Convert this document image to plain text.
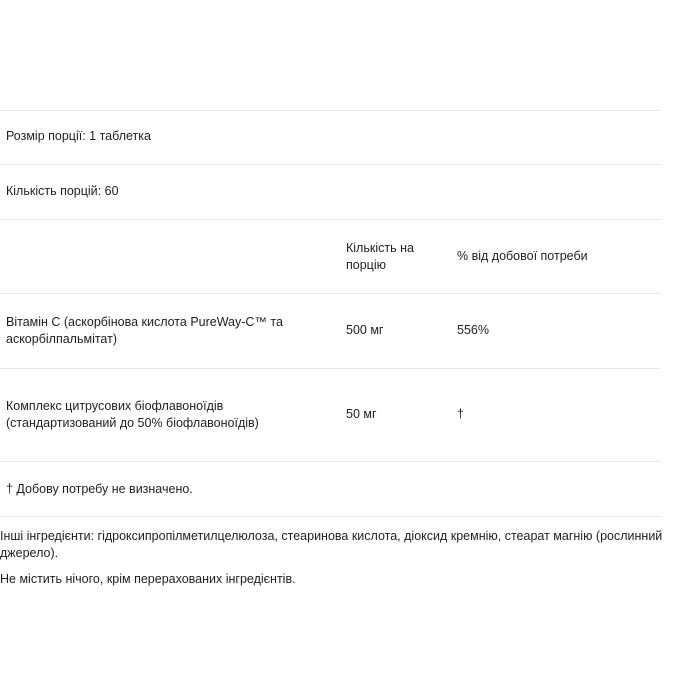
Розмір порції: 1 таблетка
Кількість порцій: 60
Кількість на
порцію
% від добової потреби
Вітамін С (аскорбінова кислота PureWay-C™ та
аскорбілпальмітат)
500 мг	556%
Комплекс цитрусових біофлавоноїдів
(стандартизований до 50% біофлавоноїдів)
50 мг	†
† Добову потребу не визначено.
Інші інгредієнти: гідроксипропілметилцелюлоза, стеаринова кислота, діоксид кремнію, стеарат магнію (рослинний
джерело).
Не містить нічого, крім перерахованих інгредієнтів.
